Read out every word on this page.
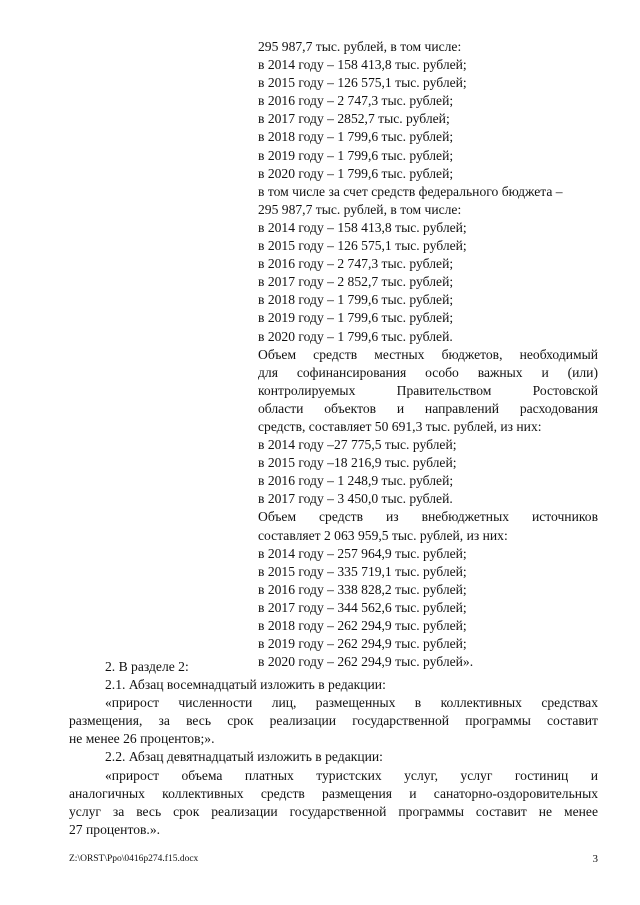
295 987,7 тыс. рублей, в том числе:
в 2014 году – 158 413,8 тыс. рублей;
в 2015 году – 126 575,1 тыс. рублей;
в 2016 году – 2 747,3 тыс. рублей;
в 2017 году – 2852,7 тыс. рублей;
в 2018 году – 1 799,6 тыс. рублей;
в 2019 году – 1 799,6 тыс. рублей;
в 2020 году – 1 799,6 тыс. рублей;
в том числе за счет средств федерального бюджета –
295 987,7 тыс. рублей, в том числе:
в 2014 году – 158 413,8 тыс. рублей;
в 2015 году – 126 575,1 тыс. рублей;
в 2016 году – 2 747,3 тыс. рублей;
в 2017 году – 2 852,7 тыс. рублей;
в 2018 году – 1 799,6 тыс. рублей;
в 2019 году – 1 799,6 тыс. рублей;
в 2020 году – 1 799,6 тыс. рублей.
Объем средств местных бюджетов, необходимый
для софинансирования особо важных и (или)
контролируемых Правительством Ростовской
области объектов и направлений расходования
средств, составляет 50 691,3 тыс. рублей, из них:
в 2014 году –27 775,5 тыс. рублей;
в 2015 году –18 216,9 тыс. рублей;
в 2016 году – 1 248,9 тыс. рублей;
в 2017 году – 3 450,0 тыс. рублей.
Объем средств из внебюджетных источников
составляет 2 063 959,5 тыс. рублей, из них:
в 2014 году – 257 964,9 тыс. рублей;
в 2015 году – 335 719,1 тыс. рублей;
в 2016 году – 338 828,2 тыс. рублей;
в 2017 году – 344 562,6 тыс. рублей;
в 2018 году – 262 294,9 тыс. рублей;
в 2019 году – 262 294,9 тыс. рублей;
в 2020 году – 262 294,9 тыс. рублей».
2. В разделе 2:
2.1. Абзац восемнадцатый изложить в редакции:
«прирост численности лиц, размещенных в коллективных средствах
размещения, за весь срок реализации государственной программы составит
не менее 26 процентов;».
2.2. Абзац девятнадцатый изложить в редакции:
«прирост объема платных туристских услуг, услуг гостиниц и
аналогичных коллективных средств размещения и санаторно-оздоровительных
услуг за весь срок реализации государственной программы составит не менее
27 процентов.».
Z:\ORST\Ppo\0416p274.f15.docx	3
